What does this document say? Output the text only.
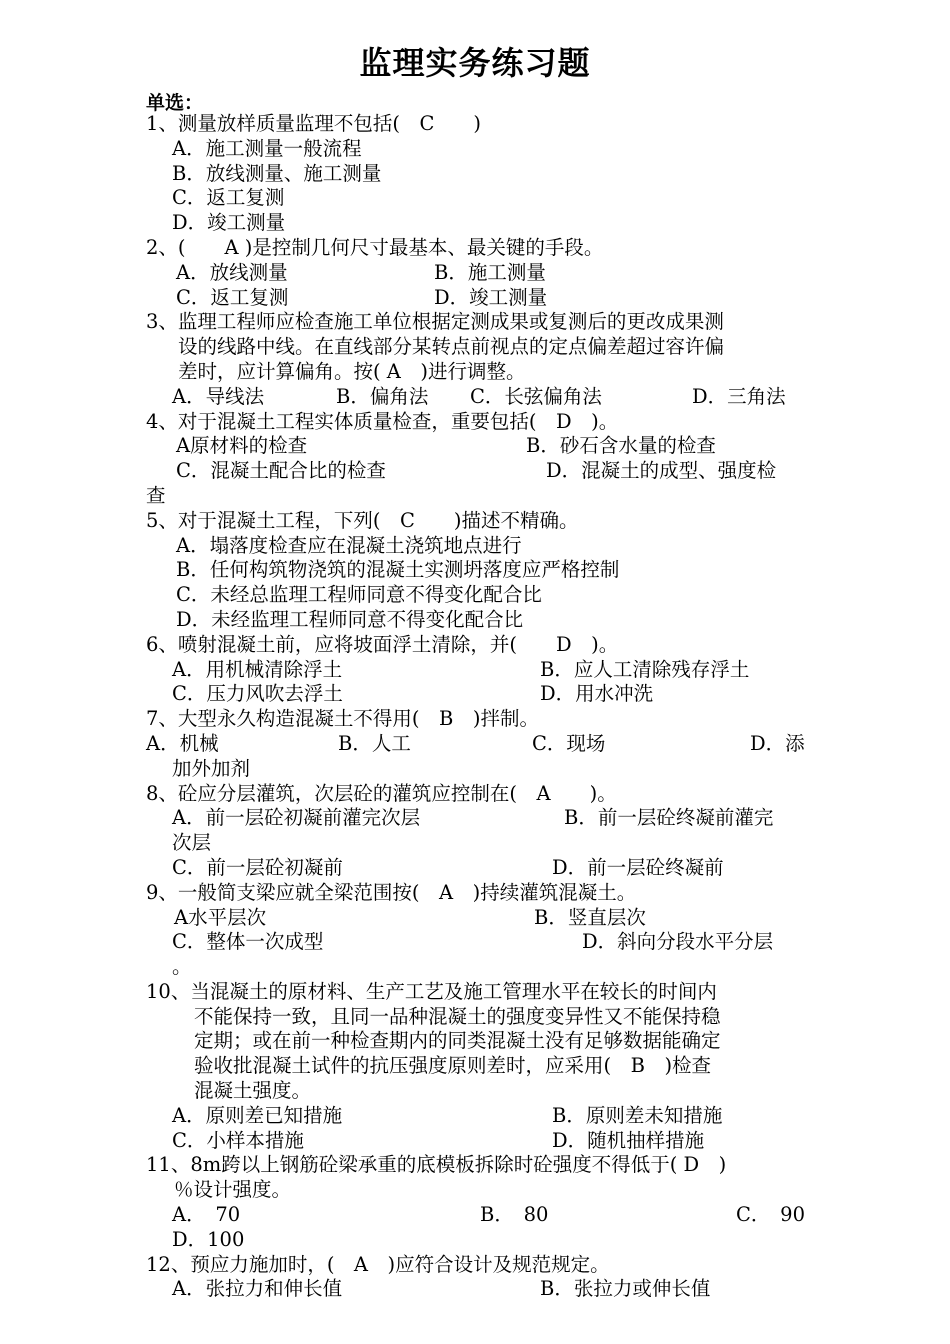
监理实务练习题
单选：
1、测量放样质量监理不包括(　C　　)
A．施工测量一般流程
B．放线测量、施工测量
C．返工复测
D．竣工测量
2、(　　A )是控制几何尺寸最基本、最关键的手段。
A．放线测量	B．施工测量
C．返工复测	D．竣工测量
3、监理工程师应检查施工单位根据定测成果或复测后的更改成果测
设的线路中线。在直线部分某转点前视点的定点偏差超过容许偏
差时，应计算偏角。按( A　)进行调整。
A．导线法	B．偏角法 C．长弦偏角法	D．三角法
4、对于混凝土工程实体质量检查，重要包括(　D　)。
A原材料的检查	B．砂石含水量的检查
C．混凝土配合比的检查	D．混凝土的成型、强度检
查
5、对于混凝土工程，下列(　C　　)描述不精确。
A．塌落度检查应在混凝土浇筑地点进行
B．任何构筑物浇筑的混凝土实测坍落度应严格控制
C．未经总监理工程师同意不得变化配合比
D．未经监理工程师同意不得变化配合比
6、喷射混凝土前，应将坡面浮土清除，并(　　D　)。
A．用机械清除浮土	B．应人工清除残存浮土
C．压力风吹去浮土	D．用水冲洗
7、大型永久构造混凝土不得用(　B　)拌制。
A．机械	B．人工	C．现场	D．添
加外加剂
8、砼应分层灌筑，次层砼的灌筑应控制在(　A　　)。
A．前一层砼初凝前灌完次层	B．前一层砼终凝前灌完
次层
C．前一层砼初凝前	D．前一层砼终凝前
9、一般简支梁应就全梁范围按(　A　)持续灌筑混凝土。
A水平层次	B．竖直层次
C．整体一次成型	D．斜向分段水平分层
。
10、当混凝土的原材料、生产工艺及施工管理水平在较长的时间内
不能保持一致，且同一品种混凝土的强度变异性又不能保持稳
定期；或在前一种检查期内的同类混凝土没有足够数据能确定
验收批混凝土试件的抗压强度原则差时，应采用(　B　)检查
混凝土强度。
A．原则差已知措施	B．原则差未知措施
C．小样本措施	D．随机抽样措施
11、8m跨以上钢筋砼梁承重的底模板拆除时砼强度不得低于( D　)
％设计强度。
A．　70	B．　80	C．　90
D．100
12、预应力施加时，(　A　)应符合设计及规范规定。
A．张拉力和伸长值	B．张拉力或伸长值
